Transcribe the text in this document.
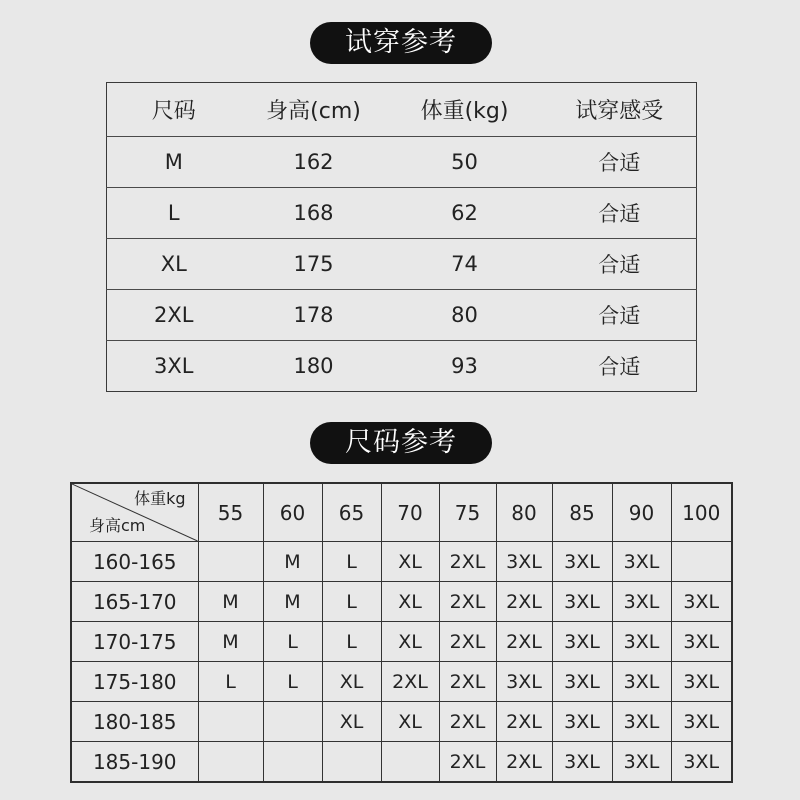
试穿参考
尺码	身高(cm)	体重(kg)	试穿感受
M	162	50	合适
L	168	62	合适
XL	175	74	合适
2XL	178	80	合适
3XL	180	93	合适
尺码参考
体重kg
身高cm	55	60	65	70	75	80	85	90	100
160-165		M	L	XL	2XL	3XL	3XL	3XL	
165-170	M	M	L	XL	2XL	2XL	3XL	3XL	3XL
170-175	M	L	L	XL	2XL	2XL	3XL	3XL	3XL
175-180	L	L	XL	2XL	2XL	3XL	3XL	3XL	3XL
180-185			XL	XL	2XL	2XL	3XL	3XL	3XL
185-190					2XL	2XL	3XL	3XL	3XL
